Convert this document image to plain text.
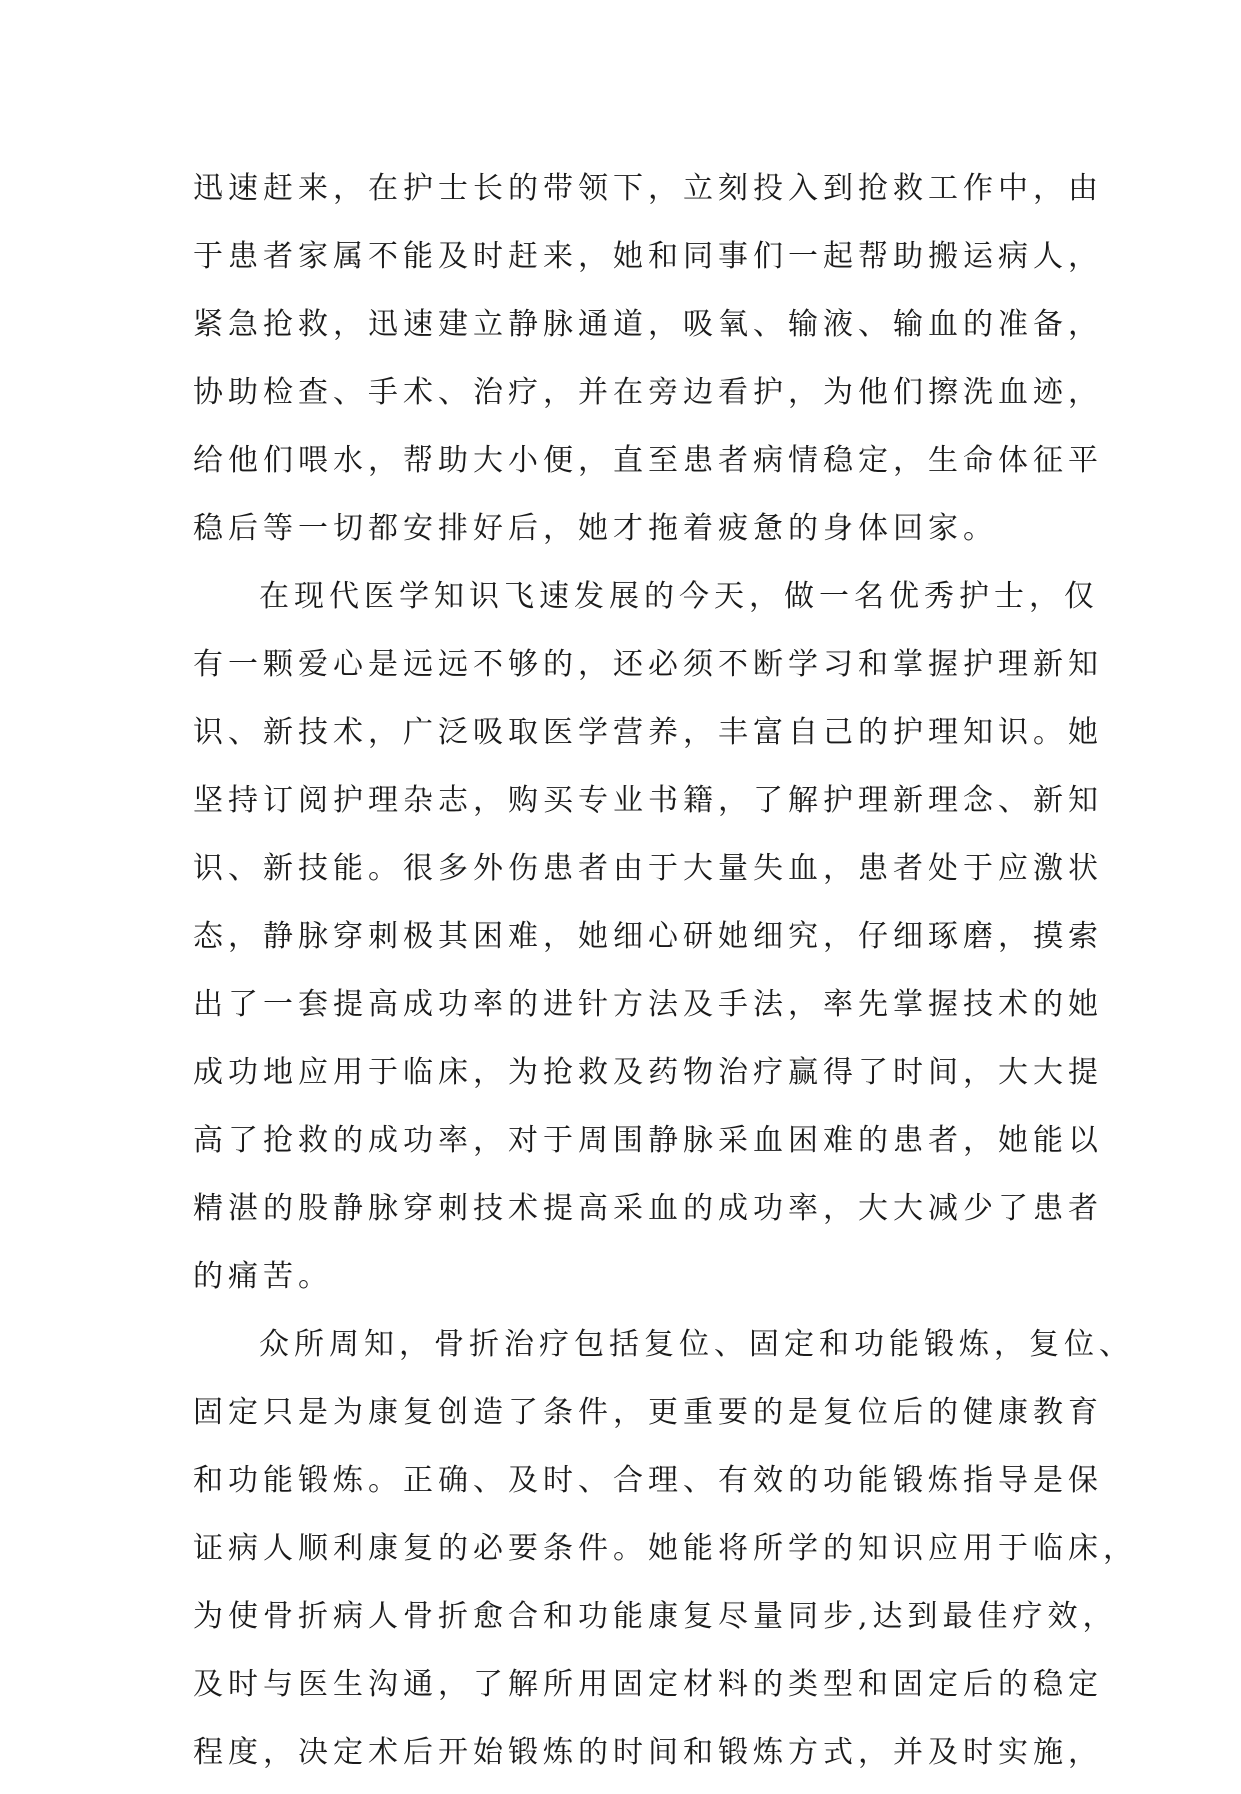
迅速赶来，在护士长的带领下，立刻投入到抢救工作中，由
于患者家属不能及时赶来，她和同事们一起帮助搬运病人，
紧急抢救，迅速建立静脉通道，吸氧、输液、输血的准备，
协助检查、手术、治疗，并在旁边看护，为他们擦洗血迹，
给他们喂水，帮助大小便，直至患者病情稳定，生命体征平
稳后等一切都安排好后，她才拖着疲惫的身体回家。
在现代医学知识飞速发展的今天，做一名优秀护士，仅
有一颗爱心是远远不够的，还必须不断学习和掌握护理新知
识、新技术，广泛吸取医学营养，丰富自己的护理知识。她
坚持订阅护理杂志，购买专业书籍，了解护理新理念、新知
识、新技能。很多外伤患者由于大量失血，患者处于应激状
态，静脉穿刺极其困难，她细心研她细究，仔细琢磨，摸索
出了一套提高成功率的进针方法及手法，率先掌握技术的她
成功地应用于临床，为抢救及药物治疗赢得了时间，大大提
高了抢救的成功率，对于周围静脉采血困难的患者，她能以
精湛的股静脉穿刺技术提高采血的成功率，大大减少了患者
的痛苦。
众所周知，骨折治疗包括复位、固定和功能锻炼，复位、
固定只是为康复创造了条件，更重要的是复位后的健康教育
和功能锻炼。正确、及时、合理、有效的功能锻炼指导是保
证病人顺利康复的必要条件。她能将所学的知识应用于临床，
为使骨折病人骨折愈合和功能康复尽量同步,达到最佳疗效，
及时与医生沟通，了解所用固定材料的类型和固定后的稳定
程度，决定术后开始锻炼的时间和锻炼方式，并及时实施，
